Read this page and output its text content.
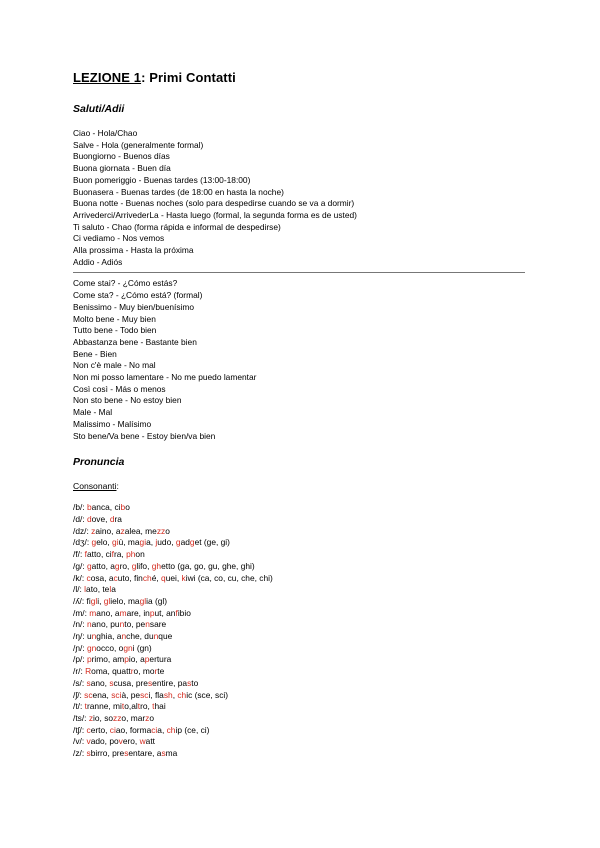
LEZIONE 1: Primi Contatti
Saluti/Adii
Ciao - Hola/Chao
Salve - Hola (generalmente formal)
Buongiorno - Buenos días
Buona giornata - Buen día
Buon pomeriggio - Buenas tardes (13:00-18:00)
Buonasera - Buenas tardes (de 18:00 en hasta la noche)
Buona notte - Buenas noches (solo para despedirse cuando se va a dormir)
Arrivederci/ArrivederLa - Hasta luego (formal, la segunda forma es de usted)
Ti saluto - Chao (forma rápida e informal de despedirse)
Ci vediamo - Nos vemos
Alla prossima - Hasta la próxima
Addio - Adiós
Come stai? - ¿Cómo estás?
Come sta? - ¿Cómo está? (formal)
Benissimo - Muy bien/buenísimo
Molto bene - Muy bien
Tutto bene - Todo bien
Abbastanza bene - Bastante bien
Bene - Bien
Non c'è male - No mal
Non mi posso lamentare - No me puedo lamentar
Così così - Más o menos
Non sto bene - No estoy bien
Male - Mal
Malissimo - Malísimo
Sto bene/Va bene - Estoy bien/va bien
Pronuncia
Consonanti:
/b/: banca, cibo
/d/: dove, dra
/dz/: zaino, azalea, mezzo
/dʒ/: gelo, giù, magia, judo, gadget (ge, gi)
/f/: fatto, cifra, phon
/g/: gatto, agro, glifo, ghetto (ga, go, gu, ghe, ghi)
/k/: cosa, acuto, finché, quei, kiwi (ca, co, cu, che, chi)
/l/: lato, tela
/ʎ/: figli, glielo, maglia (gl)
/m/: mano, amare, input, anfibio
/n/: nano, punto, pensare
/ŋ/: unghia, anche, dunque
/ɲ/: gnocco, ogni (gn)
/p/: primo, ampio, apertura
/r/: Roma, quattro, morte
/s/: sano, scusa, presentire, pasto
/ʃ/: scena, scià, pesci, flash, chic (sce, sci)
/t/: tranne, mito,altro, thai
/ts/: zio, sozzo, marzo
/tʃ/: certo, ciao, formacia, chip (ce, ci)
/v/: vado, povero, watt
/z/: sbirro, presentare, asma
